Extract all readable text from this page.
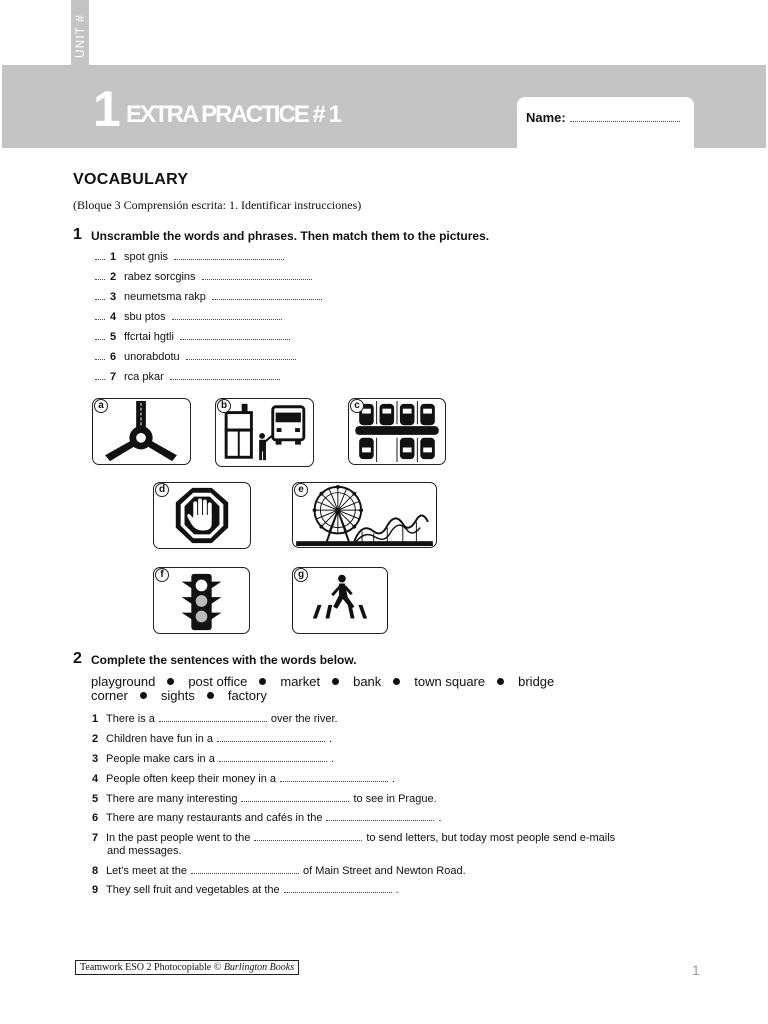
UNIT #
1 EXTRA PRACTICE # 1	Name:
VOCABULARY
(Bloque 3 Comprensión escrita: 1. Identificar instrucciones)
1 Unscramble the words and phrases. Then match them to the pictures.
1 spot gnis
2 rabez sorcgins
3 neumetsma rakp
4 sbu ptos
5 ffcrtai hgtli
6 unorabdotu
7 rca pkar
a	b	c
d	e
f	g
2 Complete the sentences with the words below.
playground	post office	market	bank	town square	bridge
corner	sights	factory
1 There is a	over the river.
2 Children have fun in a	.
3 People make cars in a	.
4 People often keep their money in a	.
5 There are many interesting	to see in Prague.
6 There are many restaurants and cafés in the	.
7 In the past people went to the	to send letters, but today most people send e-mails
and messages.
8 Let's meet at the	of Main Street and Newton Road.
9 They sell fruit and vegetables at the	.
Teamwork ESO 2 Photocopiable © Burlington Books	1
